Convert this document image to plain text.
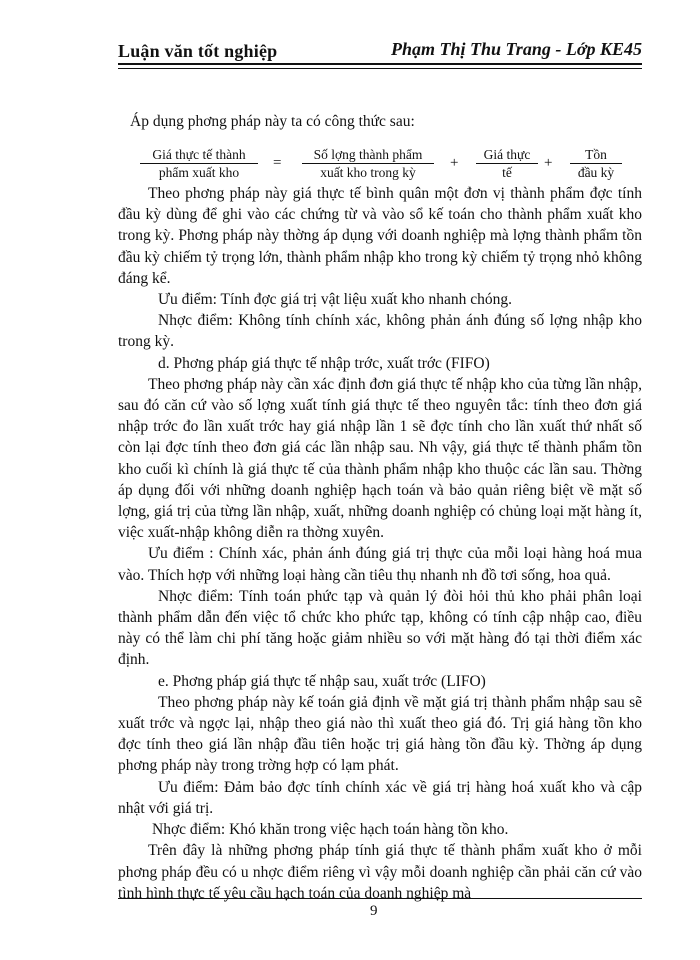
Luận văn tốt nghiệp	Phạm Thị Thu Trang - Lớp KE45
Áp dụng phơng pháp này ta có công thức sau:
Giá thực tế thành
phẩm xuất kho
=
Số lợng thành phẩm
xuất kho trong kỳ
+
Giá thực
tế
+
Tồn
đầu kỳ

Theo phơng pháp này giá thực tế bình quân một đơn vị thành phẩm đợc tính đầu kỳ dùng để ghi vào các chứng từ và vào sổ kế toán cho thành phẩm xuất kho trong kỳ. Phơng pháp này thờng áp dụng với doanh nghiệp mà lợng thành phẩm tồn đầu kỳ chiếm tỷ trọng lớn, thành phẩm nhập kho trong kỳ chiếm tỷ trọng nhỏ không đáng kể.

Ưu điểm: Tính đợc giá trị vật liệu xuất kho nhanh chóng.

Nhợc điểm: Không tính chính xác, không phản ánh đúng số lợng nhập kho trong kỳ.

d. Phơng pháp giá thực tế nhập trớc, xuất trớc (FIFO)

Theo phơng pháp này cần xác định đơn giá thực tế nhập kho của từng lần nhập, sau đó căn cứ vào số lợng xuất tính giá thực tế theo nguyên tắc: tính theo đơn giá nhập trớc đo lần xuất trớc hay giá nhập lần 1 sẽ đợc tính cho lần xuất thứ nhất số còn lại đợc tính theo đơn giá các lần nhập sau. Nh vậy, giá thực tế thành phẩm tồn kho cuối kì chính là giá thực tế của thành phẩm nhập kho thuộc các lần sau. Thờng áp dụng đối với những doanh nghiệp hạch toán và bảo quản riêng biệt về mặt số lợng, giá trị của từng lần nhập, xuất, những doanh nghiệp có chủng loại mặt hàng ít, việc xuất-nhập không diễn ra thờng xuyên.

Ưu điểm : Chính xác, phản ánh đúng giá trị thực của mỗi loại hàng hoá mua vào. Thích hợp với những loại hàng cần tiêu thụ nhanh nh đồ tơi sống, hoa quả.

Nhợc điểm: Tính toán phức tạp và quản lý đòi hỏi thủ kho phải phân loại thành phẩm dẫn đến việc tổ chức kho phức tạp, không có tính cập nhập cao, điều này có thể làm chi phí tăng hoặc giảm nhiều so với mặt hàng đó tại thời điểm xác định.

e. Phơng pháp giá thực tế nhập sau, xuất trớc (LIFO)

Theo phơng pháp này kế toán giả định về mặt giá trị thành phẩm nhập sau sẽ xuất trớc và ngợc lại, nhập theo giá nào thì xuất theo giá đó. Trị giá hàng tồn kho đợc tính theo giá lần nhập đầu tiên hoặc trị giá hàng tồn đầu kỳ. Thờng áp dụng phơng pháp này trong trờng hợp có lạm phát.

Ưu điểm: Đảm bảo đợc tính chính xác về giá trị hàng hoá xuất kho và cập nhật với giá trị.

Nhợc điểm: Khó khăn trong việc hạch toán hàng tồn kho.

Trên đây là những phơng pháp tính giá thực tế thành phẩm xuất kho ở mỗi phơng pháp đều có u nhợc điểm riêng vì vậy mỗi doanh nghiệp cần phải căn cứ vào tình hình thực tế yêu cầu hạch toán của doanh nghiệp mà

9
